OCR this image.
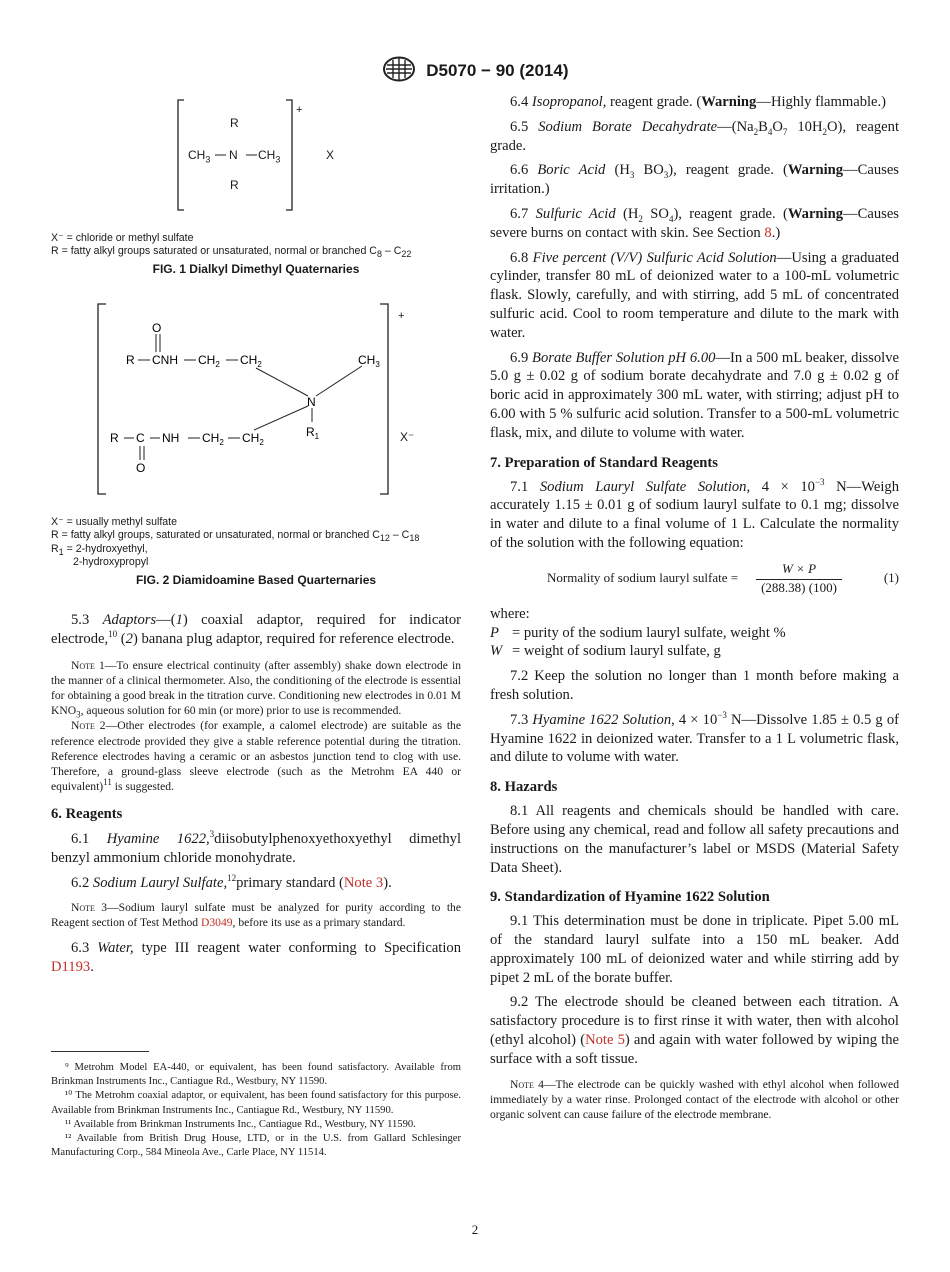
D5070 − 90 (2014)
R
$CH_3$ N $CH_3$
R
+
X
X⁻ = chloride or methyl sulfate
R = fatty alkyl groups saturated or unsaturated, normal or branched $C_8 - C_{22}$
FIG. 1 Dialkyl Dimethyl Quaternaries
O
R CNH $CH_2$ $CH_2$	$CH_3$
N
$R_1$
R C NH $CH_2$ $CH_2$
O
+
X⁻
X⁻ = usually methyl sulfate
R = fatty alkyl groups, saturated or unsaturated, normal or branched $C_{12} - C_{18}$
$R_1$ = 2-hydroxyethyl,
2-hydroxypropyl
FIG. 2 Diamidoamine Based Quarternaries

5.3 Adaptors—(1) coaxial adaptor, required for indicator electrode,$^{10}$ (2) banana plug adaptor, required for reference electrode.

Note 1—To ensure electrical continuity (after assembly) shake down electrode in the manner of a clinical thermometer. Also, the conditioning of the electrode is essential for obtaining a good break in the titration curve. Conditioning new electrodes in 0.01 M $KNO_3$, aqueous solution for 60 min (or more) prior to use is recommended.

Note 2—Other electrodes (for example, a calomel electrode) are suitable as the reference electrode provided they give a stable reference potential during the titration. Reference electrodes having a ceramic or an asbestos junction tend to clog with use. Therefore, a ground-glass sleeve electrode (such as the Metrohm EA 440 or equivalent)$^{11}$ is suggested.

6. Reagents

6.1 Hyamine 1622,$^3$diisobutylphenoxyethoxyethyl dimethyl benzyl ammonium chloride monohydrate.

6.2 Sodium Lauryl Sulfate,$^{12}$primary standard (Note 3).

Note 3—Sodium lauryl sulfate must be analyzed for purity according to the Reagent section of Test Method D3049, before its use as a primary standard.

6.3 Water, type III reagent water conforming to Specification D1193.

⁹ Metrohm Model EA-440, or equivalent, has been found satisfactory. Available from Brinkman Instruments Inc., Cantiague Rd., Westbury, NY 11590.

¹⁰ The Metrohm coaxial adaptor, or equivalent, has been found satisfactory for this purpose. Available from Brinkman Instruments Inc., Cantiague Rd., Westbury, NY 11590.

¹¹ Available from Brinkman Instruments Inc., Cantiague Rd., Westbury, NY 11590.

¹² Available from British Drug House, LTD, or in the U.S. from Gallard Schlesinger Manufacturing Corp., 584 Mineola Ave., Carle Place, NY 11514.

6.4 Isopropanol, reagent grade. (Warning—Highly flammable.)

6.5 Sodium Borate $Decahydrate—(Na_2B_4O_7$ $10H_2O$), reagent grade.

6.6 Boric Acid ($H_3$ $BO_3$), reagent grade. (Warning—Causes irritation.)

6.7 Sulfuric Acid ($H_2$ $SO_4$), reagent grade. (Warning—Causes severe burns on contact with skin. See Section 8.)

6.8 Five percent (V/V) Sulfuric Acid Solution—Using a graduated cylinder, transfer 80 mL of deionized water to a 100-mL volumetric flask. Slowly, carefully, and with stirring, add 5 mL of concentrated sulfuric acid. Cool to room temperature and dilute to the mark with water.

6.9 Borate Buffer Solution pH 6.00—In a 500 mL beaker, dissolve 5.0 g ± 0.02 g of sodium borate decahydrate and 7.0 g ± 0.02 g of boric acid in approximately 300 mL water, with stirring; adjust pH to 6.00 with 5 % sulfuric acid solution. Transfer to a 500-mL volumetric flask, mix, and dilute to volume with water.

7. Preparation of Standard Reagents

7.1 Sodium Lauryl Sulfate Solution, $4 \times 10^{-3}$ N—Weigh accurately 1.15 ± 0.01 g of sodium lauryl sulfate to 0.1 mg; dissolve in water and dilute to a final volume of 1 L. Calculate the normality of the solution with the following equation:

Normality of sodium lauryl sulfate =
W × P
(288.38) (100)
(1)

where:

P = purity of the sodium lauryl sulfate, weight %
W = weight of sodium lauryl sulfate, g

7.2 Keep the solution no longer than 1 month before making a fresh solution.

7.3 Hyamine 1622 Solution, $4 \times 10^{-3}$ N—Dissolve 1.85 ± 0.5 g of Hyamine 1622 in deionized water. Transfer to a 1 L volumetric flask, and dilute to volume with water.

8. Hazards

8.1 All reagents and chemicals should be handled with care. Before using any chemical, read and follow all safety precautions and instructions on the manufacturer’s label or MSDS (Material Safety Data Sheet).

9. Standardization of Hyamine 1622 Solution

9.1 This determination must be done in triplicate. Pipet 5.00 mL of the standard lauryl sulfate into a 150 mL beaker. Add approximately 100 mL of deionized water and while stirring add by pipet 2 mL of the borate buffer.

9.2 The electrode should be cleaned between each titration. A satisfactory procedure is to first rinse it with water, then with alcohol (ethyl alcohol) (Note 5) and again with water followed by wiping the surface with a soft tissue.

Note 4—The electrode can be quickly washed with ethyl alcohol when followed immediately by a water rinse. Prolonged contact of the electrode with alcohol or other organic solvent can cause failure of the electrode membrane.

2
